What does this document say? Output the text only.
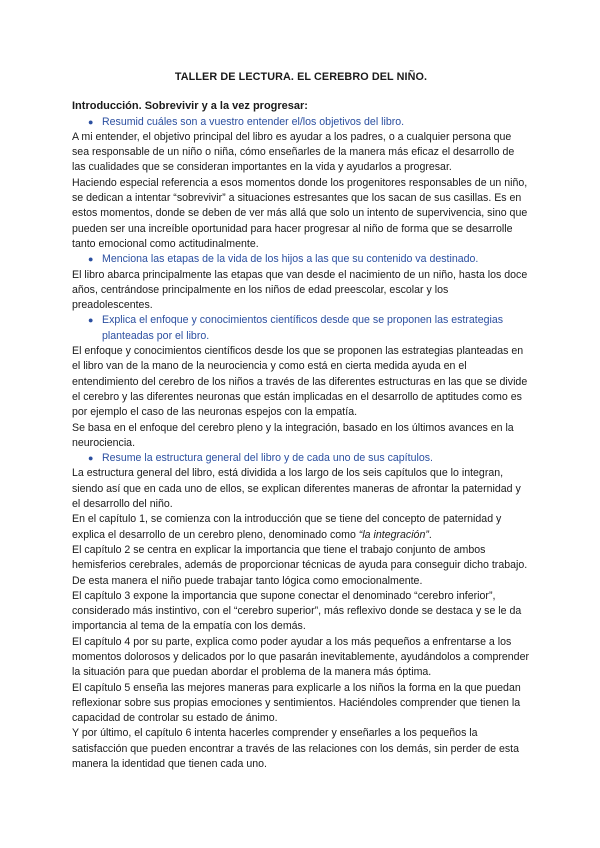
TALLER DE LECTURA. EL CEREBRO DEL NIÑO.

Introducción. Sobrevivir y a la vez progresar:

● Resumid cuáles son a vuestro entender el/los objetivos del libro.

A mi entender, el objetivo principal del libro es ayudar a los padres, o a cualquier persona que sea responsable de un niño o niña, cómo enseñarles de la manera más eficaz el desarrollo de las cualidades que se consideran importantes en la vida y ayudarlos a progresar.

Haciendo especial referencia a esos momentos donde los progenitores responsables de un niño, se dedican a intentar “sobrevivir” a situaciones estresantes que los sacan de sus casillas. Es en estos momentos, donde se deben de ver más allá que solo un intento de supervivencia, sino que pueden ser una increíble oportunidad para hacer progresar al niño de forma que se desarrolle tanto emocional como actitudinalmente.

● Menciona las etapas de la vida de los hijos a las que su contenido va destinado.

El libro abarca principalmente las etapas que van desde el nacimiento de un niño, hasta los doce años, centrándose principalmente en los niños de edad preescolar, escolar y los preadolescentes.

● Explica el enfoque y conocimientos científicos desde que se proponen las estrategias planteadas por el libro.

El enfoque y conocimientos científicos desde los que se proponen las estrategias planteadas en el libro van de la mano de la neurociencia y como está en cierta medida ayuda en el entendimiento del cerebro de los niños a través de las diferentes estructuras en las que se divide el cerebro y las diferentes neuronas que están implicadas en el desarrollo de aptitudes como es por ejemplo el caso de las neuronas espejos con la empatía.

Se basa en el enfoque del cerebro pleno y la integración, basado en los últimos avances en la neurociencia.

● Resume la estructura general del libro y de cada uno de sus capítulos.

La estructura general del libro, está dividida a los largo de los seis capítulos que lo integran, siendo así que en cada uno de ellos, se explican diferentes maneras de afrontar la paternidad y el desarrollo del niño.

En el capítulo 1, se comienza con la introducción que se tiene del concepto de paternidad y explica el desarrollo de un cerebro pleno, denominado como “la integración”.

El capítulo 2 se centra en explicar la importancia que tiene el trabajo conjunto de ambos hemisferios cerebrales, además de proporcionar técnicas de ayuda para conseguir dicho trabajo. De esta manera el niño puede trabajar tanto lógica como emocionalmente.

El capítulo 3 expone la importancia que supone conectar el denominado “cerebro inferior”, considerado más instintivo, con el “cerebro superior”, más reflexivo donde se destaca y se le da importancia al tema de la empatía con los demás.

El capítulo 4 por su parte, explica como poder ayudar a los más pequeños a enfrentarse a los momentos dolorosos y delicados por lo que pasarán inevitablemente, ayudándolos a comprender la situación para que puedan abordar el problema de la manera más óptima.

El capítulo 5 enseña las mejores maneras para explicarle a los niños la forma en la que puedan reflexionar sobre sus propias emociones y sentimientos. Haciéndoles comprender que tienen la capacidad de controlar su estado de ánimo.

Y por último, el capítulo 6 intenta hacerles comprender y enseñarles a los pequeños la satisfacción que pueden encontrar a través de las relaciones con los demás, sin perder de esta manera la identidad que tienen cada uno.
